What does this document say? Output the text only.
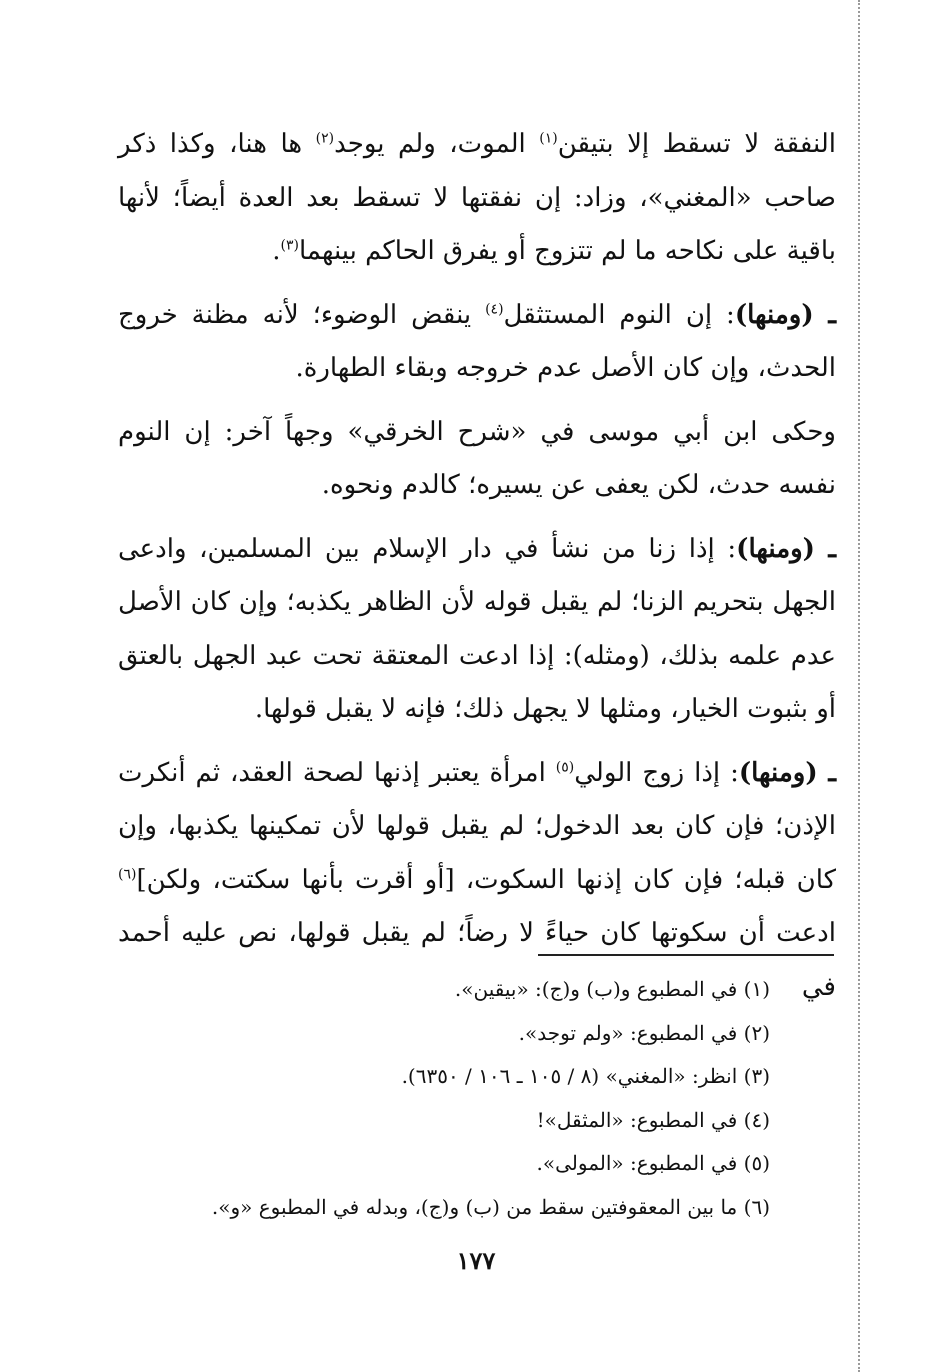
النفقة لا تسقط إلا بتيقن$^{(١)}$ الموت، ولم يوجد$^{(٢)}$ ها هنا، وكذا ذكر صاحب «المغني»، وزاد: إن نفقتها لا تسقط بعد العدة أيضاً؛ لأنها باقية على نكاحه ما لم تتزوج أو يفرق الحاكم بينهما$^{(٣)}$.

ـ (ومنها): إن النوم المستثقل$^{(٤)}$ ينقض الوضوء؛ لأنه مظنة خروج الحدث، وإن كان الأصل عدم خروجه وبقاء الطهارة.

وحكى ابن أبي موسى في «شرح الخرقي» وجهاً آخر: إن النوم نفسه حدث، لكن يعفى عن يسيره؛ كالدم ونحوه.

ـ (ومنها): إذا زنا من نشأ في دار الإسلام بين المسلمين، وادعى الجهل بتحريم الزنا؛ لم يقبل قوله لأن الظاهر يكذبه؛ وإن كان الأصل عدم علمه بذلك، (ومثله): إذا ادعت المعتقة تحت عبد الجهل بالعتق أو بثبوت الخيار، ومثلها لا يجهل ذلك؛ فإنه لا يقبل قولها.

ـ (ومنها): إذا زوج الولي$^{(٥)}$ امرأة يعتبر إذنها لصحة العقد، ثم أنكرت الإذن؛ فإن كان بعد الدخول؛ لم يقبل قولها لأن تمكينها يكذبها، وإن كان قبله؛ فإن كان إذنها السكوت، [أو أقرت بأنها سكتت، ولكن]$^{(٦)}$ ادعت أن سكوتها كان حياءً لا رضاً؛ لم يقبل قولها، نص عليه أحمد في

(١) في المطبوع و(ب) و(ج): «بيقين».
(٢) في المطبوع: «ولم توجد».
(٣) انظر: «المغني» (٨ / ١٠٥ ـ ١٠٦ / ٦٣٥٠).
(٤) في المطبوع: «المثقل»!
(٥) في المطبوع: «المولى».
(٦) ما بين المعقوفتين سقط من (ب) و(ج)، وبدله في المطبوع «و».
١٧٧
